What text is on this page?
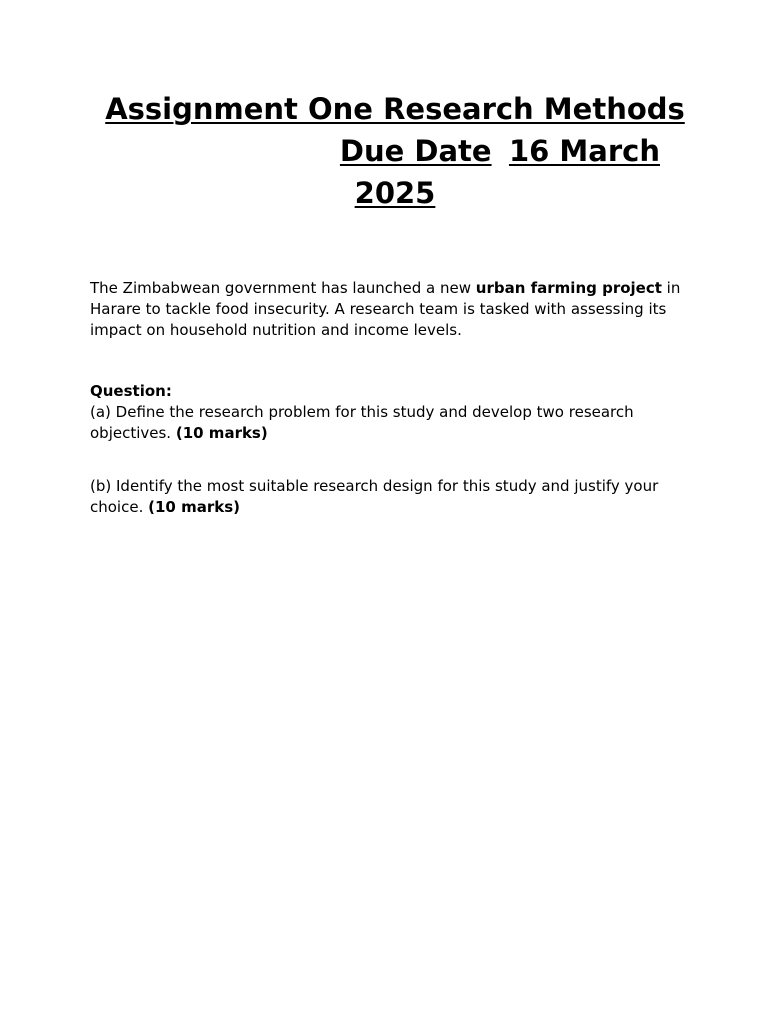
Assignment One Research Methods
Due Date 16 March
2025
The Zimbabwean government has launched a new urban farming project in Harare to tackle food insecurity. A research team is tasked with assessing its impact on household nutrition and income levels.
Question:
(a) Define the research problem for this study and develop two research objectives. (10 marks)
(b) Identify the most suitable research design for this study and justify your choice. (10 marks)
